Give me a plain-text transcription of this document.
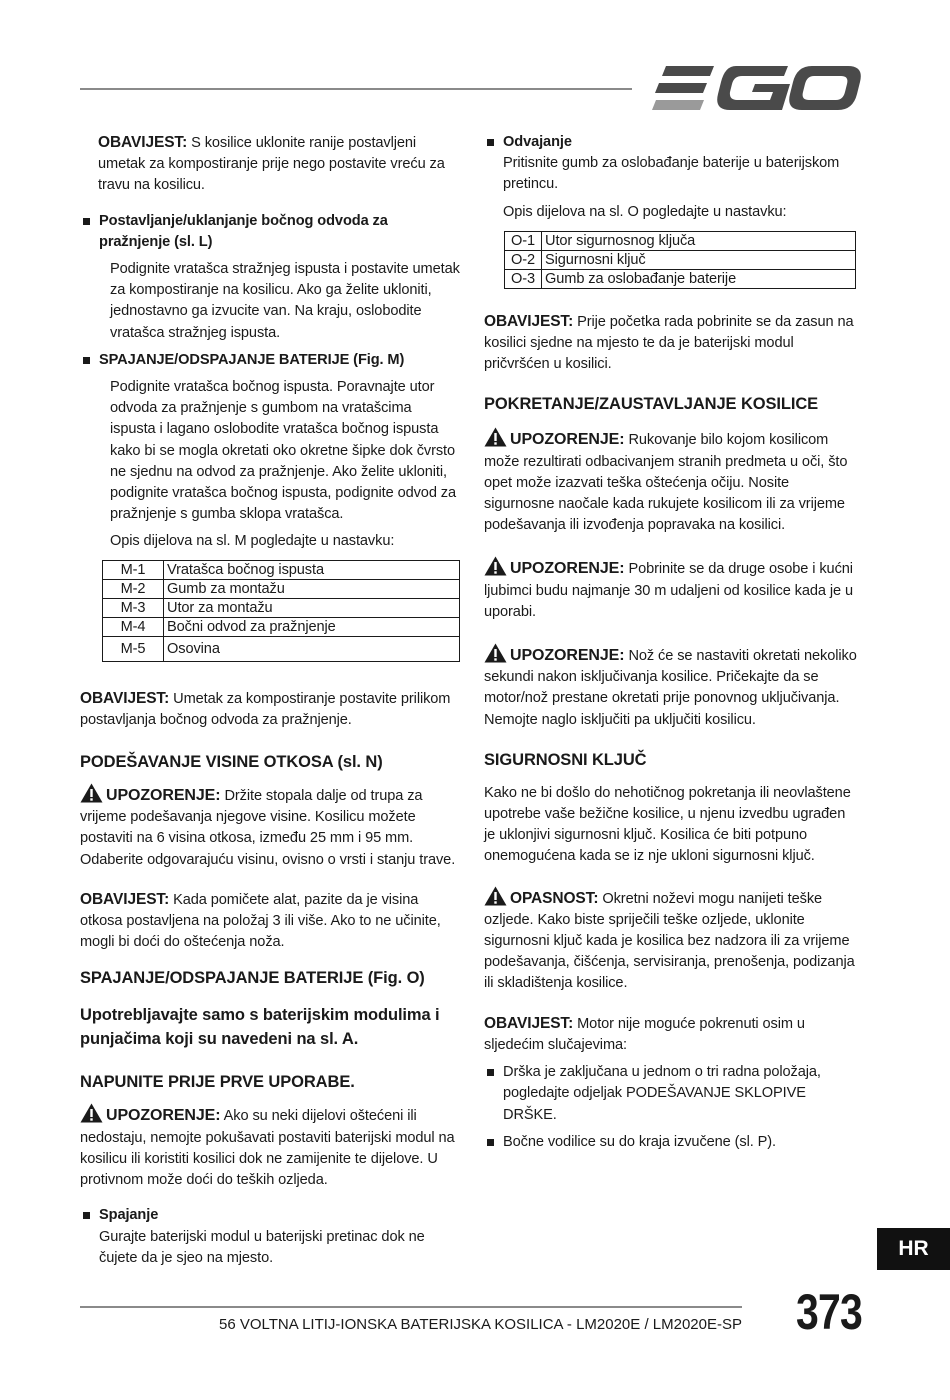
OBAVIJEST: S kosilice uklonite ranije postavljeni umetak za kompostiranje prije nego postavite vreću za travu na kosilicu.

Postavljanje/uklanjanje bočnog odvoda za pražnjenje (sl. L)

Podignite vratašca stražnjeg ispusta i postavite umetak za kompostiranje na kosilicu. Ako ga želite ukloniti, jednostavno ga izvucite van. Na kraju, oslobodite vratašca stražnjeg ispusta.

SPAJANJE/ODSPAJANJE BATERIJE (Fig. M)

Podignite vratašca bočnog ispusta. Poravnajte utor odvoda za pražnjenje s gumbom na vratašcima ispusta i lagano oslobodite vratašca bočnog ispusta kako bi se mogla okretati oko okretne šipke dok čvrsto ne sjednu na odvod za pražnjenje. Ako želite ukloniti, podignite vratašca bočnog ispusta, podignite odvod za pražnjenje s gumba sklopa vratašca.

Opis dijelova na sl. M pogledajte u nastavku:

M-1	Vratašca bočnog ispusta
M-2	Gumb za montažu
M-3	Utor za montažu
M-4	Bočni odvod za pražnjenje
M-5	Osovina

OBAVIJEST: Umetak za kompostiranje postavite prilikom postavljanja bočnog odvoda za pražnjenje.

PODEŠAVANJE VISINE OTKOSA (sl. N)

UPOZORENJE: Držite stopala dalje od trupa za vrijeme podešavanja njegove visine. Kosilicu možete postaviti na 6 visina otkosa, između 25 mm i 95 mm. Odaberite odgovarajuću visinu, ovisno o vrsti i stanju trave.

OBAVIJEST: Kada pomičete alat, pazite da je visina otkosa postavljena na položaj 3 ili više. Ako to ne učinite, mogli bi doći do oštećenja noža.

SPAJANJE/ODSPAJANJE BATERIJE (Fig. O)

Upotrebljavajte samo s baterijskim modulima i punjačima koji su navedeni na sl. A.

NAPUNITE PRIJE PRVE UPORABE.

UPOZORENJE: Ako su neki dijelovi oštećeni ili nedostaju, nemojte pokušavati postaviti baterijski modul na kosilicu ili koristiti kosilici dok ne zamijenite te dijelove. U protivnom može doći do teških ozljeda.

Spajanje
Gurajte baterijski modul u baterijski pretinac dok ne čujete da je sjeo na mjesto.
Odvajanje
Pritisnite gumb za oslobađanje baterije u baterijskom pretincu.
Opis dijelova na sl. O pogledajte u nastavku:
O-1	Utor sigurnosnog ključa
O-2	Sigurnosni ključ
O-3	Gumb za oslobađanje baterije

OBAVIJEST: Prije početka rada pobrinite se da zasun na kosilici sjedne na mjesto te da je baterijski modul pričvršćen u kosilici.

POKRETANJE/ZAUSTAVLJANJE KOSILICE

UPOZORENJE: Rukovanje bilo kojom kosilicom može rezultirati odbacivanjem stranih predmeta u oči, što opet može izazvati teška oštećenja očiju. Nosite sigurnosne naočale kada rukujete kosilicom ili za vrijeme podešavanja ili izvođenja popravaka na kosilici.

UPOZORENJE: Pobrinite se da druge osobe i kućni ljubimci budu najmanje 30 m udaljeni od kosilice kada je u uporabi.

UPOZORENJE: Nož će se nastaviti okretati nekoliko sekundi nakon isključivanja kosilice. Pričekajte da se motor/nož prestane okretati prije ponovnog uključivanja. Nemojte naglo isključiti pa uključiti kosilicu.

SIGURNOSNI KLJUČ

Kako ne bi došlo do nehotičnog pokretanja ili neovlaštene upotrebe vaše bežične kosilice, u njenu izvedbu ugrađen je uklonjivi sigurnosni ključ. Kosilica će biti potpuno onemogućena kada se iz nje ukloni sigurnosni ključ.

OPASNOST: Okretni noževi mogu nanijeti teške ozljede. Kako biste spriječili teške ozljede, uklonite sigurnosni ključ kada je kosilica bez nadzora ili za vrijeme podešavanja, čišćenja, servisiranja, prenošenja, podizanja ili skladištenja kosilice.

OBAVIJEST: Motor nije moguće pokrenuti osim u sljedećim slučajevima:

Drška je zaključana u jednom o tri radna položaja, pogledajte odjeljak PODEŠAVANJE SKLOPIVE DRŠKE.
Bočne vodilice su do kraja izvučene (sl. P).
HR
56 VOLTNA LITIJ-IONSKA BATERIJSKA KOSILICA - LM2020E / LM2020E-SP 373
